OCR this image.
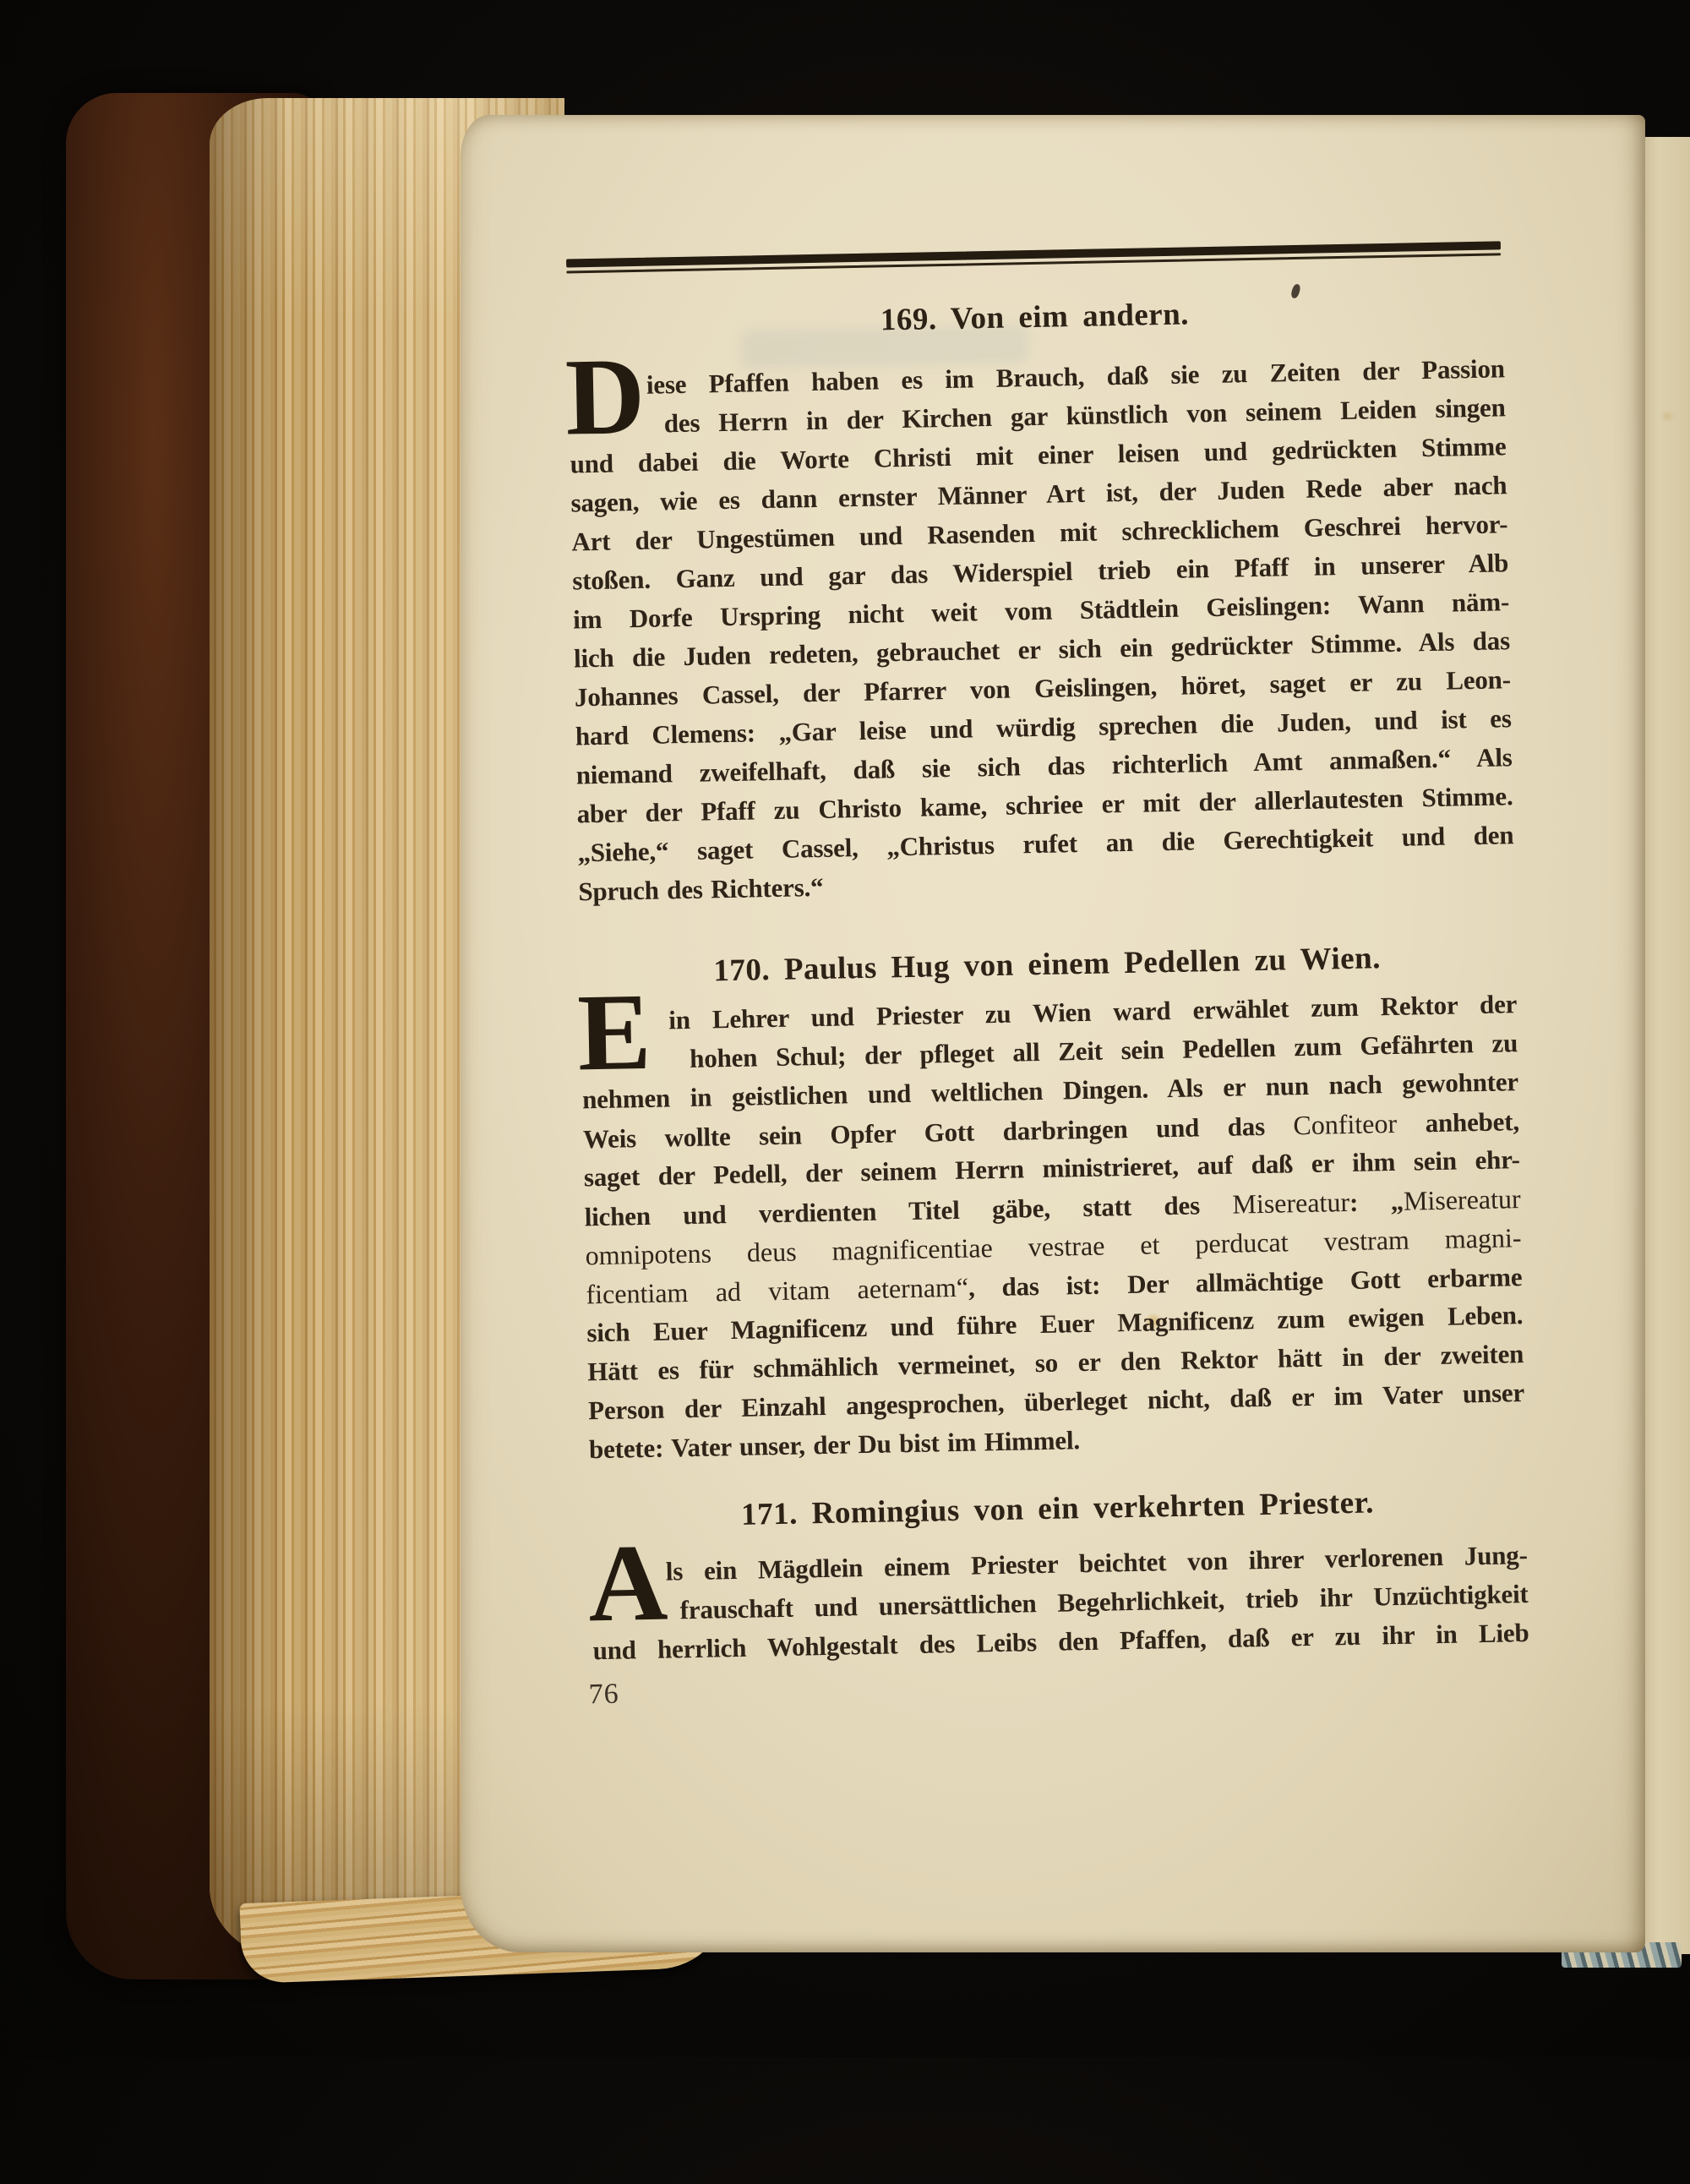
169. Von eim andern.
D iese Pfaffen haben es im Brauch, daß sie zu Zeiten der Passion
des Herrn in der Kirchen gar künstlich von seinem Leiden singen
und dabei die Worte Christi mit einer leisen und gedrückten Stimme
sagen, wie es dann ernster Männer Art ist, der Juden Rede aber nach
Art der Ungestümen und Rasenden mit schrecklichem Geschrei hervor-
stoßen. Ganz und gar das Widerspiel trieb ein Pfaff in unserer Alb
im Dorfe Urspring nicht weit vom Städtlein Geislingen: Wann näm-
lich die Juden redeten, gebrauchet er sich ein gedrückter Stimme. Als das
Johannes Cassel, der Pfarrer von Geislingen, höret, saget er zu Leon-
hard Clemens: „Gar leise und würdig sprechen die Juden, und ist es
niemand zweifelhaft, daß sie sich das richterlich Amt anmaßen.“ Als
aber der Pfaff zu Christo kame, schriee er mit der allerlautesten Stimme.
„Siehe,“ saget Cassel, „Christus rufet an die Gerechtigkeit und den
Spruch des Richters.“
170. Paulus Hug von einem Pedellen zu Wien.
E in Lehrer und Priester zu Wien ward erwählet zum Rektor der
hohen Schul; der pfleget all Zeit sein Pedellen zum Gefährten zu
nehmen in geistlichen und weltlichen Dingen. Als er nun nach gewohnter
Weis wollte sein Opfer Gott darbringen und das Confiteor anhebet,
saget der Pedell, der seinem Herrn ministrieret, auf daß er ihm sein ehr-
lichen und verdienten Titel gäbe, statt des Misereatur: „Misereatur
omnipotens deus magnificentiae vestrae et perducat vestram magni-
ficentiam ad vitam aeternam“, das ist: Der allmächtige Gott erbarme
sich Euer Magnificenz und führe Euer Magnificenz zum ewigen Leben.
Hätt es für schmählich vermeinet, so er den Rektor hätt in der zweiten
Person der Einzahl angesprochen, überleget nicht, daß er im Vater unser
betete: Vater unser, der Du bist im Himmel.
171. Romingius von ein verkehrten Priester.
A
ls ein Mägdlein einem Priester beichtet von ihrer verlorenen Jung-
frauschaft und unersättlichen Begehrlichkeit, trieb ihr Unzüchtigkeit
und herrlich Wohlgestalt des Leibs den Pfaffen, daß er zu ihr in Lieb
76
